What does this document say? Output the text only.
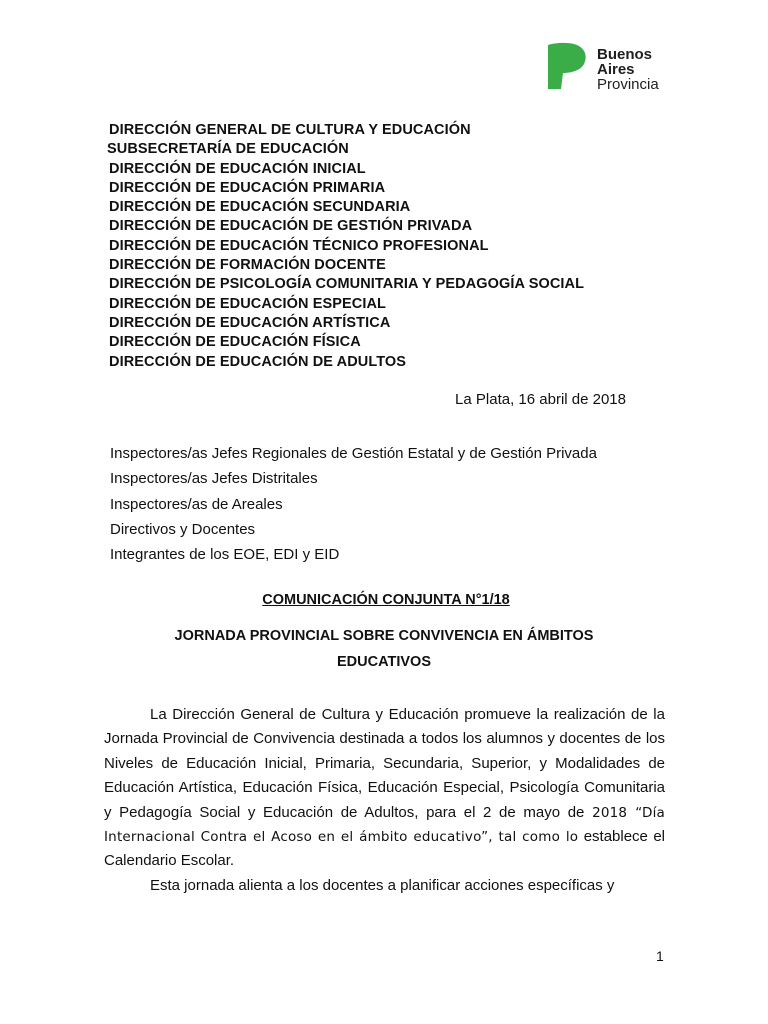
Buenos
Aires
Provincia
DIRECCIÓN GENERAL DE CULTURA Y EDUCACIÓN
SUBSECRETARÍA DE EDUCACIÓN
DIRECCIÓN DE EDUCACIÓN INICIAL
DIRECCIÓN DE EDUCACIÓN PRIMARIA
DIRECCIÓN DE EDUCACIÓN SECUNDARIA
DIRECCIÓN DE EDUCACIÓN DE GESTIÓN PRIVADA
DIRECCIÓN DE EDUCACIÓN TÉCNICO PROFESIONAL
DIRECCIÓN DE FORMACIÓN DOCENTE
DIRECCIÓN DE PSICOLOGÍA COMUNITARIA Y PEDAGOGÍA SOCIAL
DIRECCIÓN DE EDUCACIÓN ESPECIAL
DIRECCIÓN DE EDUCACIÓN ARTÍSTICA
DIRECCIÓN DE EDUCACIÓN FÍSICA
DIRECCIÓN DE EDUCACIÓN DE ADULTOS
La Plata, 16 abril de 2018
Inspectores/as Jefes Regionales de Gestión Estatal y de Gestión Privada
Inspectores/as Jefes Distritales
Inspectores/as de Areales
Directivos y Docentes
Integrantes de los EOE, EDI y EID
COMUNICACIÓN CONJUNTA N°1/18
JORNADA PROVINCIAL SOBRE CONVIVENCIA EN ÁMBITOS EDUCATIVOS

La Dirección General de Cultura y Educación promueve la realización de la Jornada Provincial de Convivencia destinada a todos los alumnos y docentes de los Niveles de Educación Inicial, Primaria, Secundaria, Superior, y Modalidades de Educación Artística, Educación Física, Educación Especial, Psicología Comunitaria y Pedagogía Social y Educación de Adultos, para el 2 de mayo de 2018 “Día Internacional Contra el Acoso en el ámbito educativo”, tal como lo establece el Calendario Escolar.

Esta jornada alienta a los docentes a planificar acciones específicas y

1
